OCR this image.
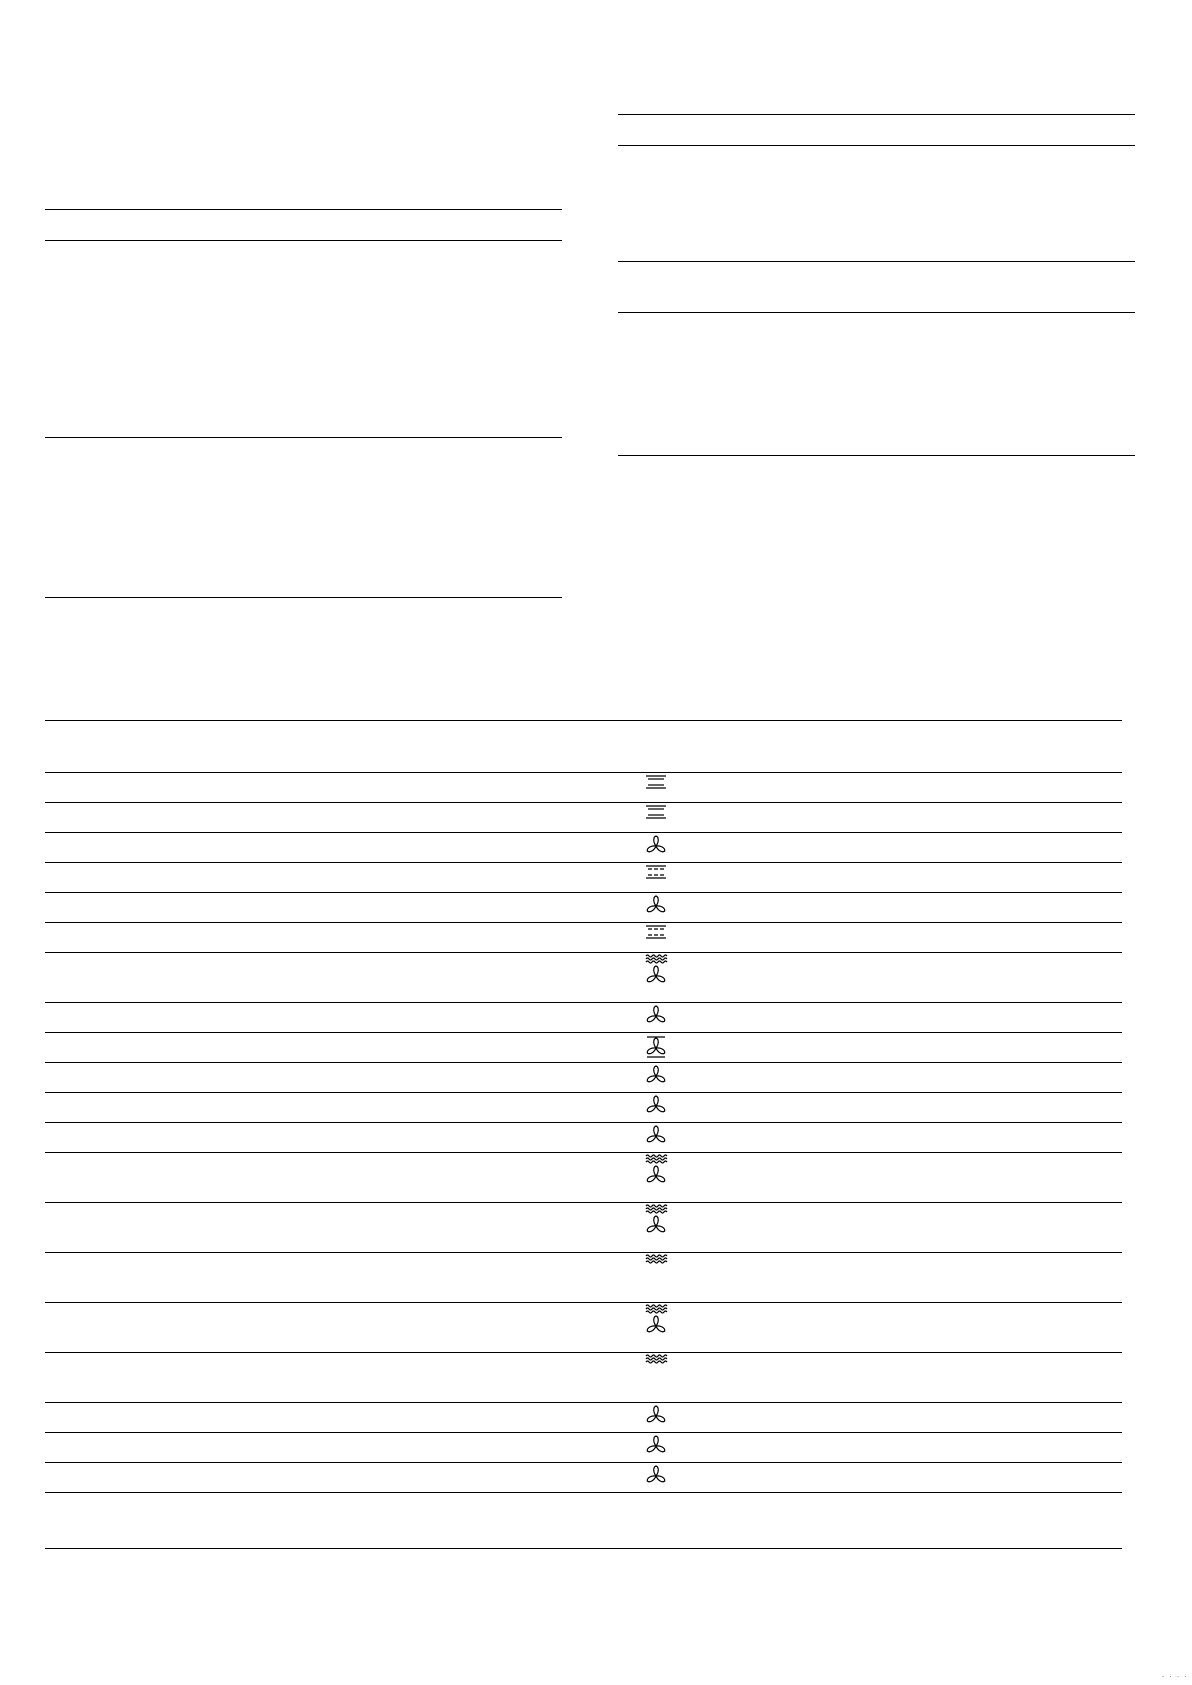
· · · ·
